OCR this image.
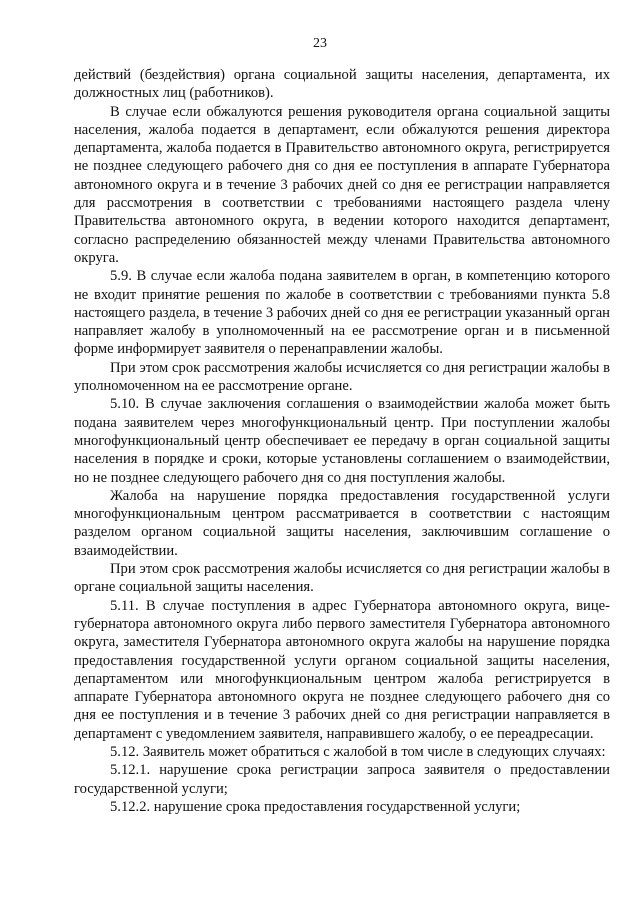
23

действий (бездействия) органа социальной защиты населения, департамента, их должностных лиц (работников).

В случае если обжалуются решения руководителя органа социальной защиты населения, жалоба подается в департамент, если обжалуются решения директора департамента, жалоба подается в Правительство автономного округа, регистрируется не позднее следующего рабочего дня со дня ее поступления в аппарате Губернатора автономного округа и в течение 3 рабочих дней со дня ее регистрации направляется для рассмотрения в соответствии с требованиями настоящего раздела члену Правительства автономного округа, в ведении которого находится департамент, согласно распределению обязанностей между членами Правительства автономного округа.

5.9. В случае если жалоба подана заявителем в орган, в компетенцию которого не входит принятие решения по жалобе в соответствии с требованиями пункта 5.8 настоящего раздела, в течение 3 рабочих дней со дня ее регистрации указанный орган направляет жалобу в уполномоченный на ее рассмотрение орган и в письменной форме информирует заявителя о перенаправлении жалобы.

При этом срок рассмотрения жалобы исчисляется со дня регистрации жалобы в уполномоченном на ее рассмотрение органе.

5.10. В случае заключения соглашения о взаимодействии жалоба может быть подана заявителем через многофункциональный центр. При поступлении жалобы многофункциональный центр обеспечивает ее передачу в орган социальной защиты населения в порядке и сроки, которые установлены соглашением о взаимодействии, но не позднее следующего рабочего дня со дня поступления жалобы.

Жалоба на нарушение порядка предоставления государственной услуги многофункциональным центром рассматривается в соответствии с настоящим разделом органом социальной защиты населения, заключившим соглашение о взаимодействии.

При этом срок рассмотрения жалобы исчисляется со дня регистрации жалобы в органе социальной защиты населения.

5.11. В случае поступления в адрес Губернатора автономного округа, вице-губернатора автономного округа либо первого заместителя Губернатора автономного округа, заместителя Губернатора автономного округа жалобы на нарушение порядка предоставления государственной услуги органом социальной защиты населения, департаментом или многофункциональным центром жалоба регистрируется в аппарате Губернатора автономного округа не позднее следующего рабочего дня со дня ее поступления и в течение 3 рабочих дней со дня регистрации направляется в департамент с уведомлением заявителя, направившего жалобу, о ее переадресации.

5.12. Заявитель может обратиться с жалобой в том числе в следующих случаях:

5.12.1. нарушение срока регистрации запроса заявителя о предоставлении государственной услуги;

5.12.2. нарушение срока предоставления государственной услуги;
